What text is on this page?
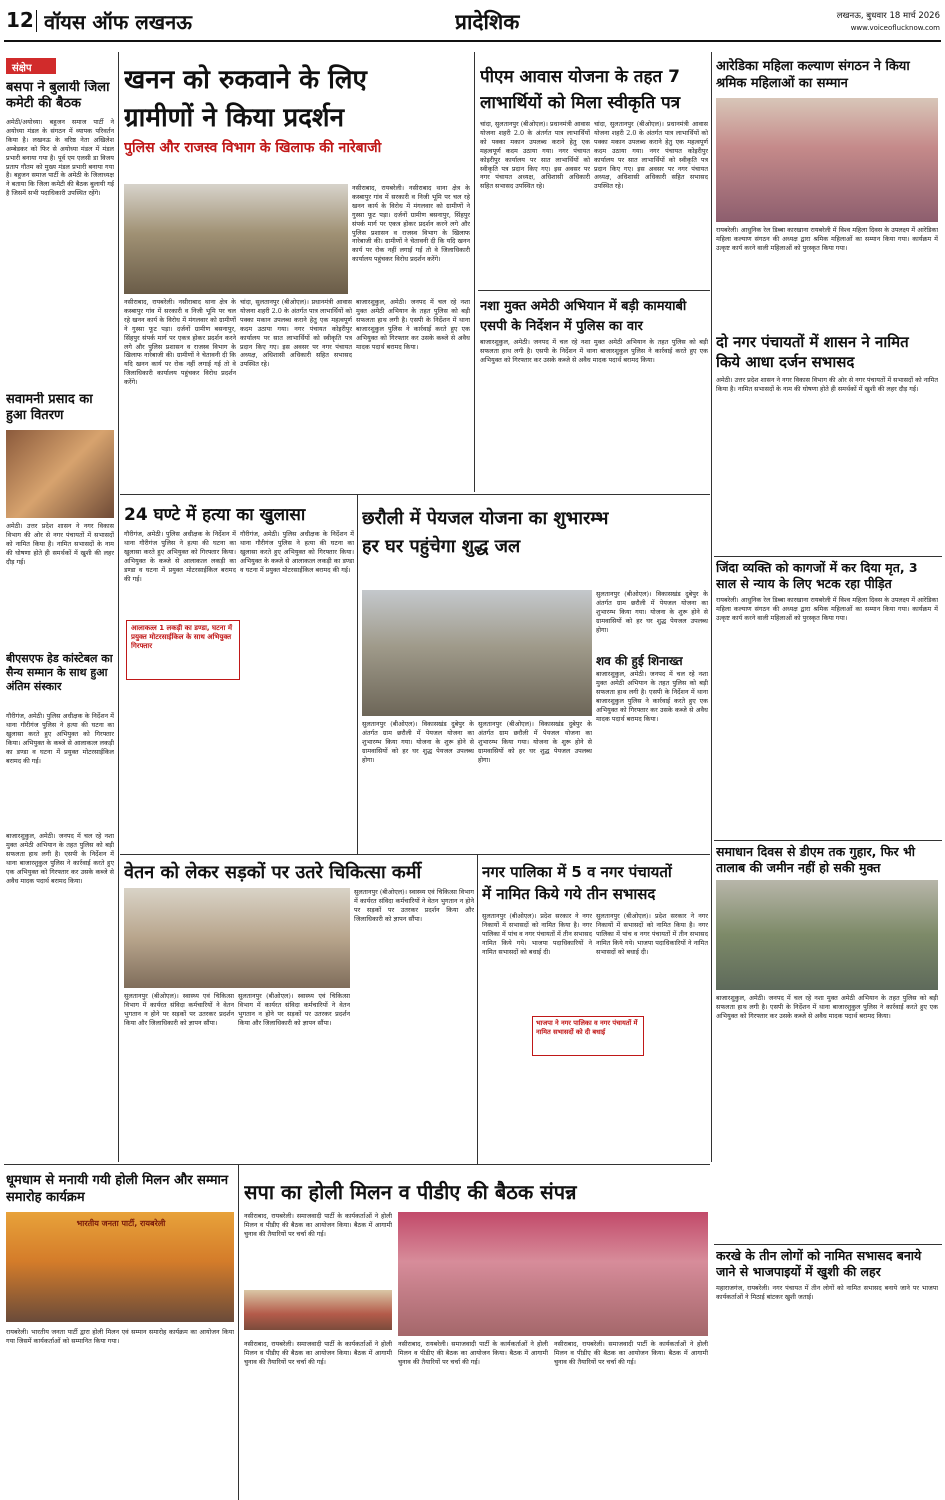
12 वॉयस ऑफ लखनऊ	प्रादेशिक	लखनऊ, बुधवार 18 मार्च 2026
www.voiceoflucknow.com
संक्षेप
बसपा ने बुलायी जिला कमेटी की बैठक
अमेठी/अयोध्या। बहुजन समाज पार्टी ने अयोध्या मंडल के संगठन में व्यापक परिवर्तन किया है। लखनऊ के वरिष्ठ नेता अखिलेश अम्बेडकर को फिर से अयोध्या मंडल में मंडल प्रभारी बनाया गया है। पूर्व एम एलसी डा विजय प्रताप गौतम को मुख्य मंडल प्रभारी बनाया गया है। बहुजन समाज पार्टी के अमेठी के जिलाध्यक्ष ने बताया कि जिला कमेटी की बैठक बुलायी गई है जिसमें सभी पदाधिकारी उपस्थित रहेंगे।
सवामनी प्रसाद का हुआ वितरण
अमेठी। उत्तर प्रदेश शासन ने नगर विकास विभाग की ओर से नगर पंचायतों में सभासदों को नामित किया है। नामित सभासदों के नाम की घोषणा होते ही समर्थकों में खुशी की लहर दौड़ गई।
बीएसएफ हेड कांस्टेबल का सैन्य सम्मान के साथ हुआ अंतिम संस्कार
गौरीगंज, अमेठी। पुलिस अधीक्षक के निर्देशन में थाना गौरीगंज पुलिस ने हत्या की घटना का खुलासा करते हुए अभियुक्त को गिरफ्तार किया। अभियुक्त के कब्जे से आलाकत्ल लकड़ी का डण्डा व घटना में प्रयुक्त मोटरसाईकिल बरामद की गई।
बाजारशुकुल, अमेठी। जनपद में चल रहे नशा मुक्त अमेठी अभियान के तहत पुलिस को बड़ी सफलता हाथ लगी है। एसपी के निर्देशन में थाना बाजारशुकुल पुलिस ने कार्रवाई करते हुए एक अभियुक्त को गिरफ्तार कर उसके कब्जे से अवैध मादक पदार्थ बरामद किया।
खनन को रुकवाने के लिए
ग्रामीणों ने किया प्रदर्शन
पुलिस और राजस्व विभाग के खिलाफ की नारेबाजी
नसीराबाद, रायबरेली। नसीराबाद थाना क्षेत्र के कस्बापुर गांव में सरकारी व निजी भूमि पर चल रहे खनन कार्य के विरोध में मंगलवार को ग्रामीणों ने गुस्सा फूट पड़ा। दर्जनों ग्रामीण बसनापुर, सिंहपुर संपर्क मार्ग पर एकत्र होकर प्रदर्शन करने लगे और पुलिस प्रशासन व राजस्व विभाग के खिलाफ नारेबाजी की। ग्रामीणों ने चेतावनी दी कि यदि खनन कार्य पर रोक नहीं लगाई गई तो वे जिलाधिकारी कार्यालय पहुंचकर विरोध प्रदर्शन करेंगे।
नसीराबाद, रायबरेली। नसीराबाद थाना क्षेत्र के कस्बापुर गांव में सरकारी व निजी भूमि पर चल रहे खनन कार्य के विरोध में मंगलवार को ग्रामीणों ने गुस्सा फूट पड़ा। दर्जनों ग्रामीण बसनापुर, सिंहपुर संपर्क मार्ग पर एकत्र होकर प्रदर्शन करने लगे और पुलिस प्रशासन व राजस्व विभाग के खिलाफ नारेबाजी की। ग्रामीणों ने चेतावनी दी कि यदि खनन कार्य पर रोक नहीं लगाई गई तो वे जिलाधिकारी कार्यालय पहुंचकर विरोध प्रदर्शन करेंगे।
चांदा, सुलतानपुर (बीओएल)। प्रधानमंत्री आवास योजना शहरी 2.0 के अंतर्गत पात्र लाभार्थियों को पक्का मकान उपलब्ध कराने हेतु एक महत्वपूर्ण कदम उठाया गया। नगर पंचायत कोइरीपुर कार्यालय पर सात लाभार्थियों को स्वीकृति पत्र प्रदान किए गए। इस अवसर पर नगर पंचायत अध्यक्ष, अधिशासी अधिकारी सहित सभासद उपस्थित रहे।
बाजारशुकुल, अमेठी। जनपद में चल रहे नशा मुक्त अमेठी अभियान के तहत पुलिस को बड़ी सफलता हाथ लगी है। एसपी के निर्देशन में थाना बाजारशुकुल पुलिस ने कार्रवाई करते हुए एक अभियुक्त को गिरफ्तार कर उसके कब्जे से अवैध मादक पदार्थ बरामद किया।
पीएम आवास योजना के तहत 7
लाभार्थियों को मिला स्वीकृति पत्र
चांदा, सुलतानपुर (बीओएल)। प्रधानमंत्री आवास योजना शहरी 2.0 के अंतर्गत पात्र लाभार्थियों को पक्का मकान उपलब्ध कराने हेतु एक महत्वपूर्ण कदम उठाया गया। नगर पंचायत कोइरीपुर कार्यालय पर सात लाभार्थियों को स्वीकृति पत्र प्रदान किए गए। इस अवसर पर नगर पंचायत अध्यक्ष, अधिशासी अधिकारी सहित सभासद उपस्थित रहे।
चांदा, सुलतानपुर (बीओएल)। प्रधानमंत्री आवास योजना शहरी 2.0 के अंतर्गत पात्र लाभार्थियों को पक्का मकान उपलब्ध कराने हेतु एक महत्वपूर्ण कदम उठाया गया। नगर पंचायत कोइरीपुर कार्यालय पर सात लाभार्थियों को स्वीकृति पत्र प्रदान किए गए। इस अवसर पर नगर पंचायत अध्यक्ष, अधिशासी अधिकारी सहित सभासद उपस्थित रहे।
नशा मुक्त अमेठी अभियान में बड़ी कामयाबी
एसपी के निर्देशन में पुलिस का वार
बाजारशुकुल, अमेठी। जनपद में चल रहे नशा मुक्त अमेठी अभियान के तहत पुलिस को बड़ी सफलता हाथ लगी है। एसपी के निर्देशन में थाना बाजारशुकुल पुलिस ने कार्रवाई करते हुए एक अभियुक्त को गिरफ्तार कर उसके कब्जे से अवैध मादक पदार्थ बरामद किया।
आरेडिका महिला कल्याण संगठन ने किया श्रमिक महिलाओं का सम्मान
रायबरेली। आधुनिक रेल डिब्बा कारखाना रायबरेली में विश्व महिला दिवस के उपलक्ष्य में आरेडिका महिला कल्याण संगठन की अध्यक्ष द्वारा श्रमिक महिलाओं का सम्मान किया गया। कार्यक्रम में उत्कृष्ट कार्य करने वाली महिलाओं को पुरस्कृत किया गया।
दो नगर पंचायतों में शासन ने नामित
किये आधा दर्जन सभासद
अमेठी। उत्तर प्रदेश शासन ने नगर विकास विभाग की ओर से नगर पंचायतों में सभासदों को नामित किया है। नामित सभासदों के नाम की घोषणा होते ही समर्थकों में खुशी की लहर दौड़ गई।
जिंदा व्यक्ति को कागजों में कर दिया मृत, 3 साल से न्याय के लिए भटक रहा पीड़ित
रायबरेली। आधुनिक रेल डिब्बा कारखाना रायबरेली में विश्व महिला दिवस के उपलक्ष्य में आरेडिका महिला कल्याण संगठन की अध्यक्ष द्वारा श्रमिक महिलाओं का सम्मान किया गया। कार्यक्रम में उत्कृष्ट कार्य करने वाली महिलाओं को पुरस्कृत किया गया।
समाधान दिवस से डीएम तक गुहार, फिर भी तालाब की जमीन नहीं हो सकी मुक्त
बाजारशुकुल, अमेठी। जनपद में चल रहे नशा मुक्त अमेठी अभियान के तहत पुलिस को बड़ी सफलता हाथ लगी है। एसपी के निर्देशन में थाना बाजारशुकुल पुलिस ने कार्रवाई करते हुए एक अभियुक्त को गिरफ्तार कर उसके कब्जे से अवैध मादक पदार्थ बरामद किया।
करखे के तीन लोगों को नामित सभासद बनाये जाने से भाजपाइयों में खुशी की लहर
महाराजगंज, रायबरेली। नगर पंचायत में तीन लोगों को नामित सभासद बनाये जाने पर भाजपा कार्यकर्ताओं ने मिठाई बांटकर खुशी जताई।
24 घण्टे में हत्या का खुलासा
गौरीगंज, अमेठी। पुलिस अधीक्षक के निर्देशन में थाना गौरीगंज पुलिस ने हत्या की घटना का खुलासा करते हुए अभियुक्त को गिरफ्तार किया। अभियुक्त के कब्जे से आलाकत्ल लकड़ी का डण्डा व घटना में प्रयुक्त मोटरसाईकिल बरामद की गई।
आलाकत्ल 1 लकड़ी का डण्डा, घटना में प्रयुक्त मोटरसाईकिल के साथ अभियुक्त गिरफ्तार
गौरीगंज, अमेठी। पुलिस अधीक्षक के निर्देशन में थाना गौरीगंज पुलिस ने हत्या की घटना का खुलासा करते हुए अभियुक्त को गिरफ्तार किया। अभियुक्त के कब्जे से आलाकत्ल लकड़ी का डण्डा व घटना में प्रयुक्त मोटरसाईकिल बरामद की गई।
छरौली में पेयजल योजना का शुभारम्भ
हर घर पहुंचेगा शुद्ध जल
सुलतानपुर (बीओएल)। विकासखंड दुबेपुर के अंतर्गत ग्राम छरौली में पेयजल योजना का शुभारम्भ किया गया। योजना के शुरू होने से ग्रामवासियों को हर घर शुद्ध पेयजल उपलब्ध होगा।
सुलतानपुर (बीओएल)। विकासखंड दुबेपुर के अंतर्गत ग्राम छरौली में पेयजल योजना का शुभारम्भ किया गया। योजना के शुरू होने से ग्रामवासियों को हर घर शुद्ध पेयजल उपलब्ध होगा।
सुलतानपुर (बीओएल)। विकासखंड दुबेपुर के अंतर्गत ग्राम छरौली में पेयजल योजना का शुभारम्भ किया गया। योजना के शुरू होने से ग्रामवासियों को हर घर शुद्ध पेयजल उपलब्ध होगा।
शव की हुई शिनाख्त
बाजारशुकुल, अमेठी। जनपद में चल रहे नशा मुक्त अमेठी अभियान के तहत पुलिस को बड़ी सफलता हाथ लगी है। एसपी के निर्देशन में थाना बाजारशुकुल पुलिस ने कार्रवाई करते हुए एक अभियुक्त को गिरफ्तार कर उसके कब्जे से अवैध मादक पदार्थ बरामद किया।
वेतन को लेकर सड़कों पर उतरे चिकित्सा कर्मी
सुलतानपुर (बीओएल)। स्वास्थ्य एवं चिकित्सा विभाग में कार्यरत संविदा कर्मचारियों ने वेतन भुगतान न होने पर सड़कों पर उतरकर प्रदर्शन किया और जिलाधिकारी को ज्ञापन सौंपा।
सुलतानपुर (बीओएल)। स्वास्थ्य एवं चिकित्सा विभाग में कार्यरत संविदा कर्मचारियों ने वेतन भुगतान न होने पर सड़कों पर उतरकर प्रदर्शन किया और जिलाधिकारी को ज्ञापन सौंपा।
सुलतानपुर (बीओएल)। स्वास्थ्य एवं चिकित्सा विभाग में कार्यरत संविदा कर्मचारियों ने वेतन भुगतान न होने पर सड़कों पर उतरकर प्रदर्शन किया और जिलाधिकारी को ज्ञापन सौंपा।
नगर पालिका में 5 व नगर पंचायतों
में नामित किये गये तीन सभासद
सुलतानपुर (बीओएल)। प्रदेश सरकार ने नगर निकायों में सभासदों को नामित किया है। नगर पालिका में पांच व नगर पंचायतों में तीन सभासद नामित किये गये। भाजपा पदाधिकारियों ने नामित सभासदों को बधाई दी।
सुलतानपुर (बीओएल)। प्रदेश सरकार ने नगर निकायों में सभासदों को नामित किया है। नगर पालिका में पांच व नगर पंचायतों में तीन सभासद नामित किये गये। भाजपा पदाधिकारियों ने नामित सभासदों को बधाई दी।
भाजपा ने नगर पालिका व नगर पंचायतों में नामित सभासदों को दी बधाई
धूमधाम से मनायी गयी होली मिलन और सम्मान समारोह कार्यक्रम
भारतीय जनता पार्टी, रायबरेली
रायबरेली। भारतीय जनता पार्टी द्वारा होली मिलन एवं सम्मान समारोह कार्यक्रम का आयोजन किया गया जिसमें कार्यकर्ताओं को सम्मानित किया गया।
सपा का होली मिलन व पीडीए की बैठक संपन्न
नसीराबाद, रायबरेली। समाजवादी पार्टी के कार्यकर्ताओं ने होली मिलन व पीडीए की बैठक का आयोजन किया। बैठक में आगामी चुनाव की तैयारियों पर चर्चा की गई।
नसीराबाद, रायबरेली। समाजवादी पार्टी के कार्यकर्ताओं ने होली मिलन व पीडीए की बैठक का आयोजन किया। बैठक में आगामी चुनाव की तैयारियों पर चर्चा की गई।
नसीराबाद, रायबरेली। समाजवादी पार्टी के कार्यकर्ताओं ने होली मिलन व पीडीए की बैठक का आयोजन किया। बैठक में आगामी चुनाव की तैयारियों पर चर्चा की गई।
नसीराबाद, रायबरेली। समाजवादी पार्टी के कार्यकर्ताओं ने होली मिलन व पीडीए की बैठक का आयोजन किया। बैठक में आगामी चुनाव की तैयारियों पर चर्चा की गई।
